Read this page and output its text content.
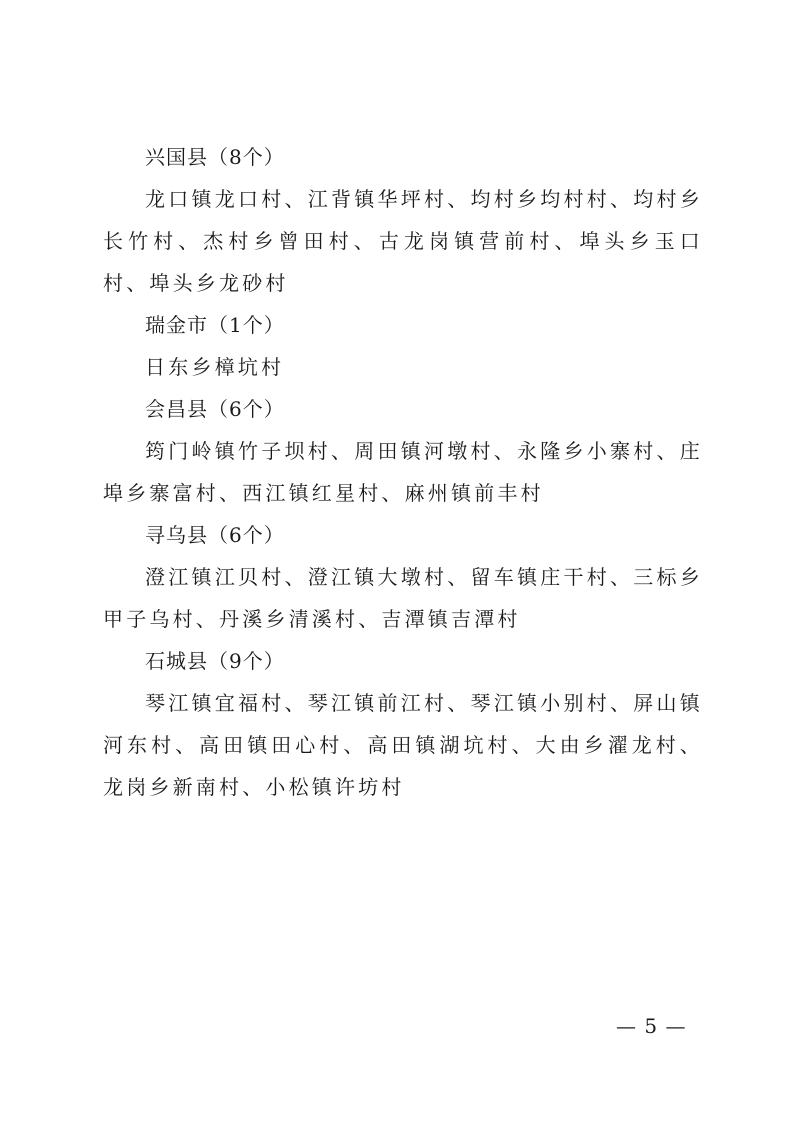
兴国县（8个）

龙口镇龙口村、江背镇华坪村、均村乡均村村、均村乡长竹村、杰村乡曾田村、古龙岗镇营前村、埠头乡玉口村、埠头乡龙砂村

瑞金市（1个）

日东乡樟坑村

会昌县（6个）

筠门岭镇竹子坝村、周田镇河墩村、永隆乡小寨村、庄埠乡寨富村、西江镇红星村、麻州镇前丰村

寻乌县（6个）

澄江镇江贝村、澄江镇大墩村、留车镇庄干村、三标乡甲子乌村、丹溪乡清溪村、吉潭镇吉潭村

石城县（9个）

琴江镇宜福村、琴江镇前江村、琴江镇小别村、屏山镇河东村、高田镇田心村、高田镇湖坑村、大由乡濯龙村、龙岗乡新南村、小松镇许坊村

— 5 —
